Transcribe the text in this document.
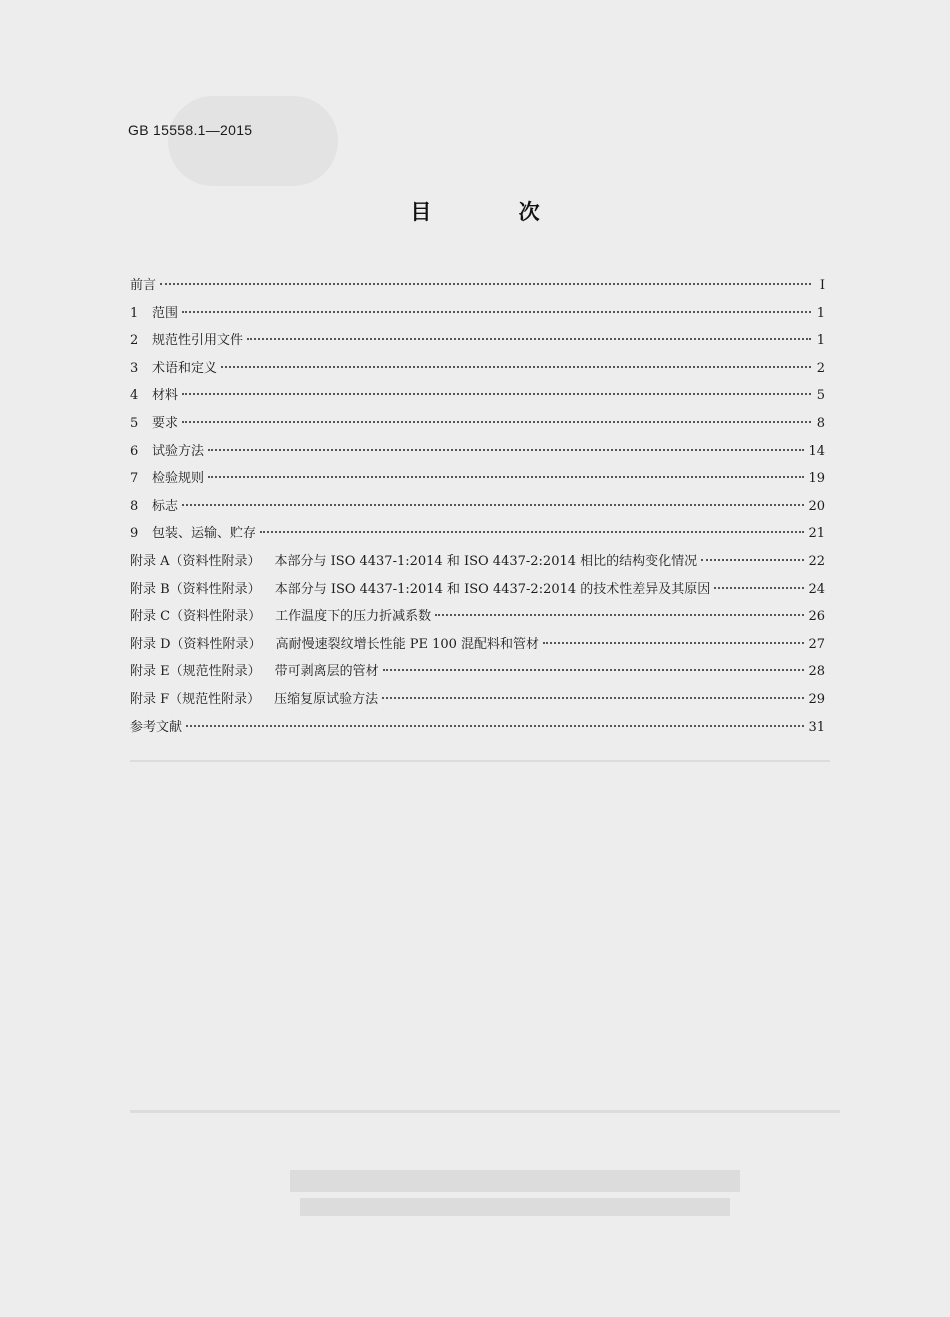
GB 15558.1—2015
目 次
前言	Ⅰ
1	范围	1
2	规范性引用文件	1
3	术语和定义	2
4	材料	5
5	要求	8
6	试验方法	14
7	检验规则	19
8	标志	20
9	包装、运输、贮存	21
附录 A（资料性附录） 本部分与 ISO 4437-1:2014 和 ISO 4437-2:2014 相比的结构变化情况	22
附录 B（资料性附录） 本部分与 ISO 4437-1:2014 和 ISO 4437-2:2014 的技术性差异及其原因	24
附录 C（资料性附录） 工作温度下的压力折减系数	26
附录 D（资料性附录） 高耐慢速裂纹增长性能 PE 100 混配料和管材	27
附录 E（规范性附录） 带可剥离层的管材	28
附录 F（规范性附录） 压缩复原试验方法	29
参考文献	31
